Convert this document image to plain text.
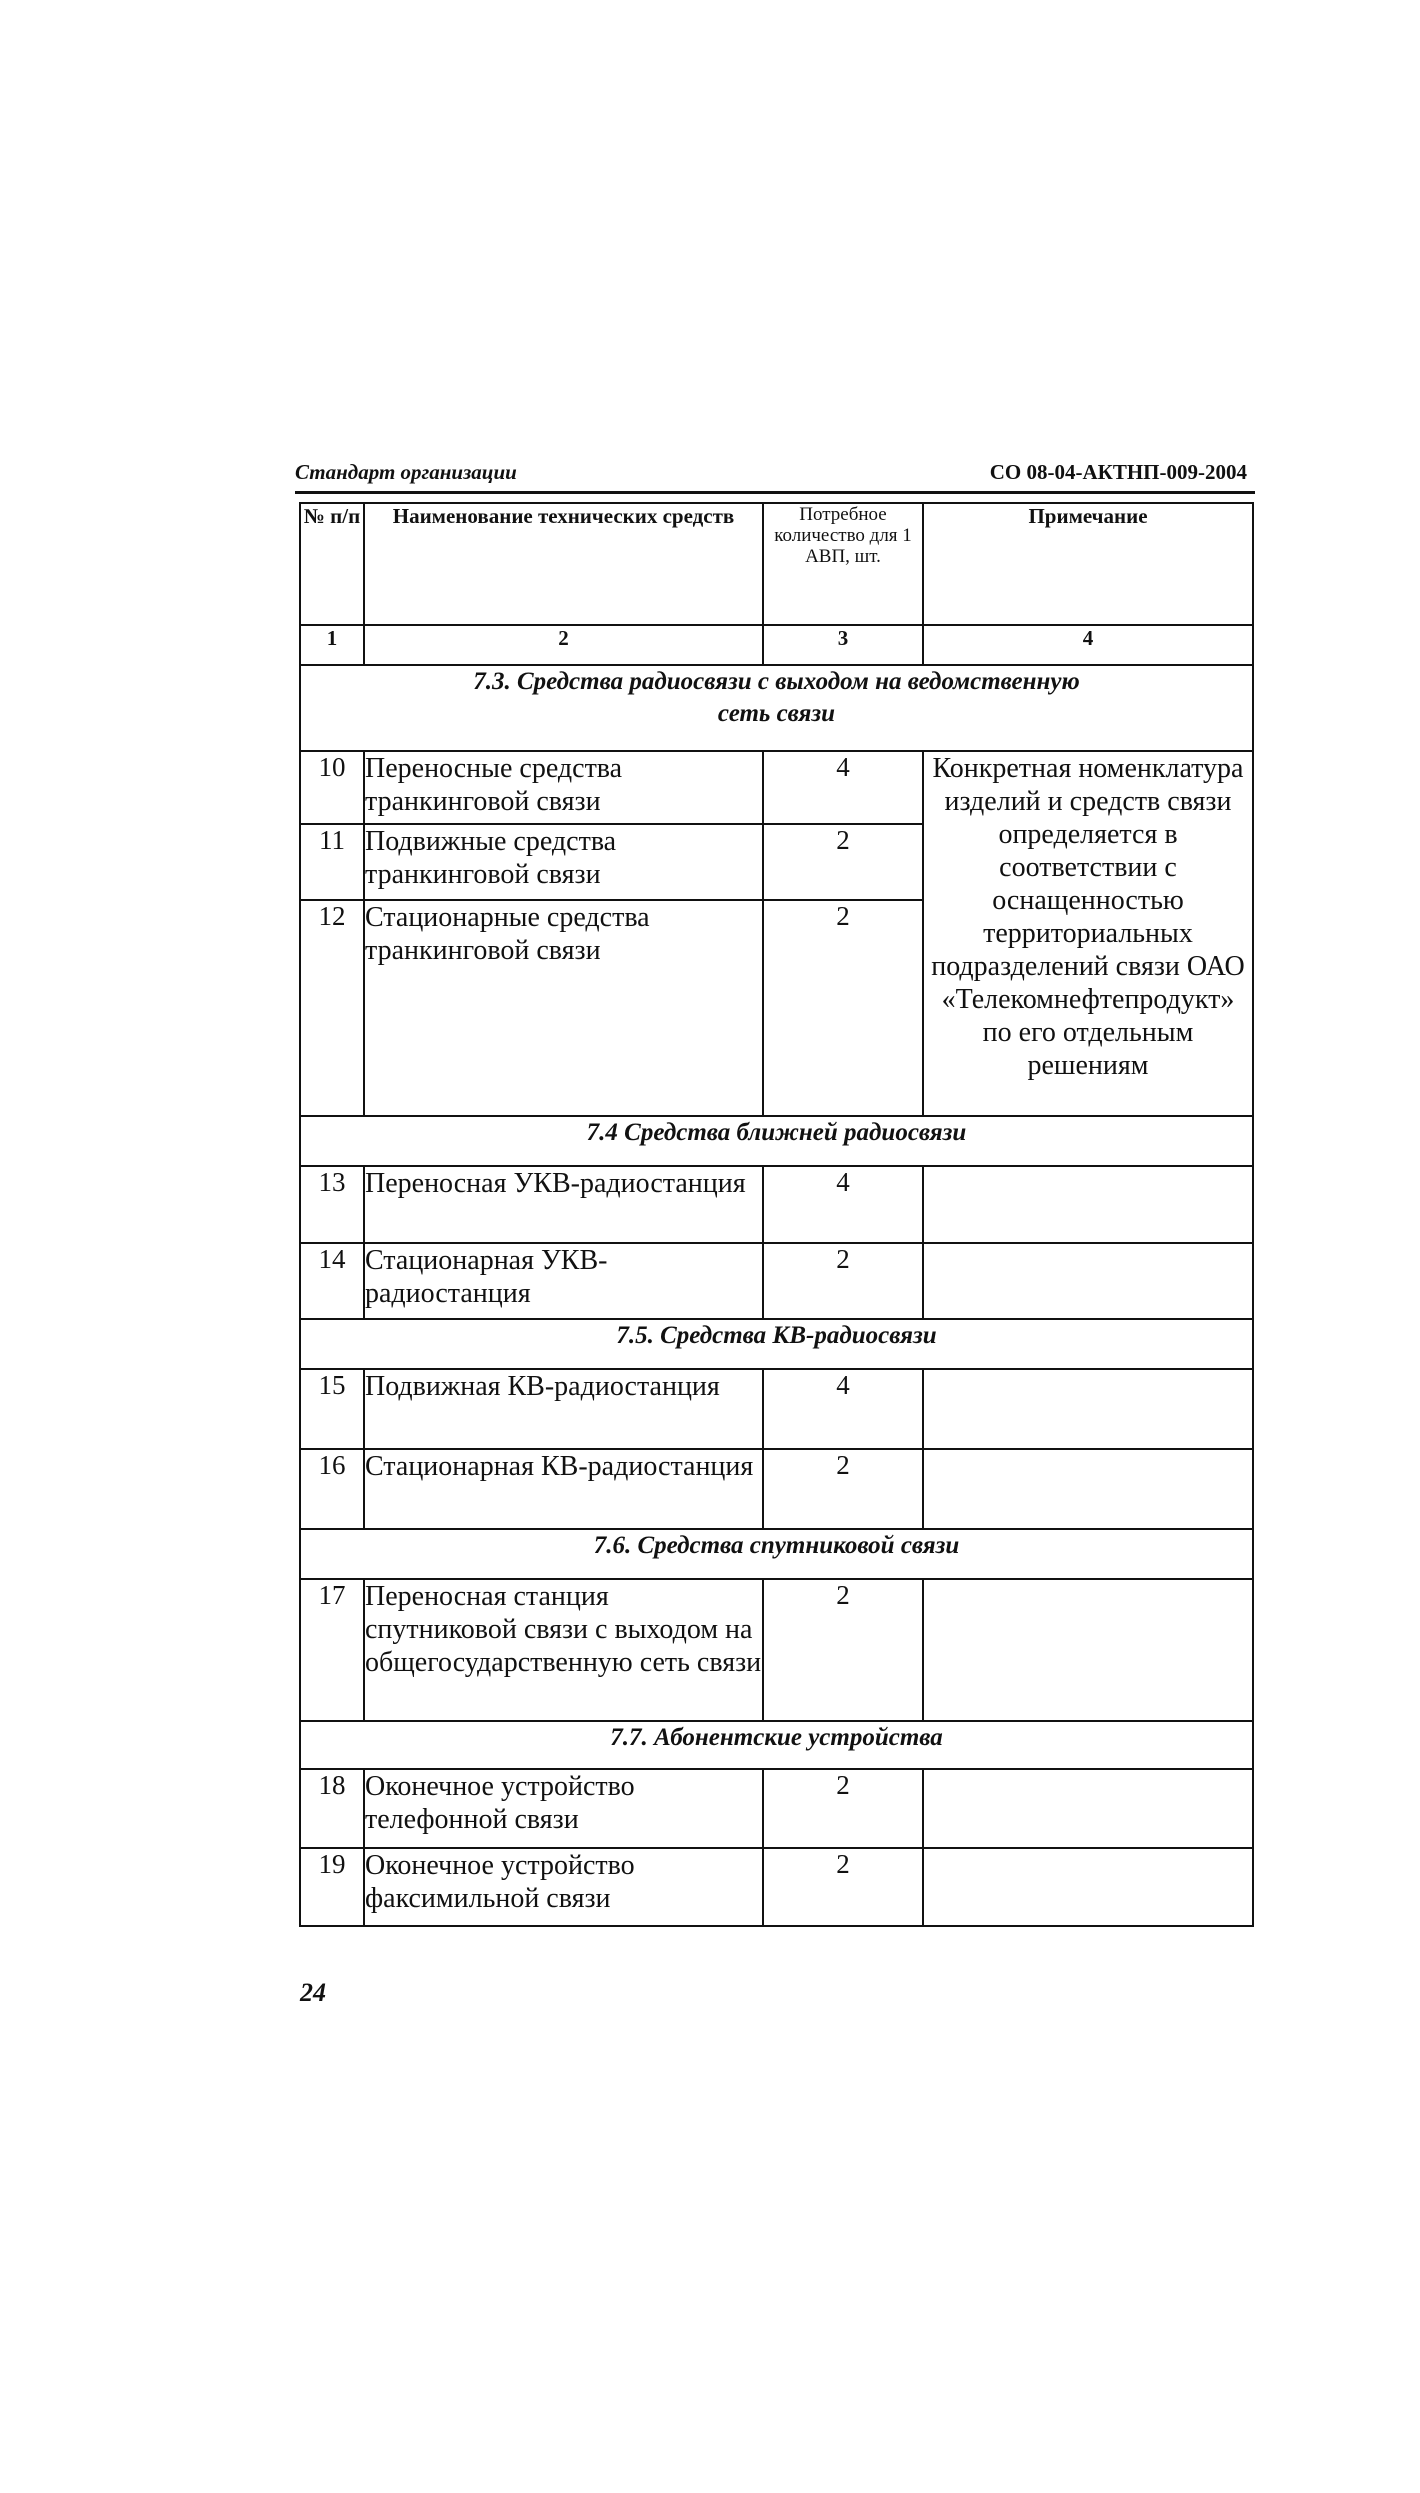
Стандарт организации	СО 08-04-АКТНП-009-2004
№ п/п	Наименование технических средств	Потребное количество для 1 АВП, шт.	Примечание
1	2	3	4
7.3. Средства радиосвязи с выходом на ведомственную сеть связи			
10	Переносные средства транкинговой связи	4	Конкретная номенклатура изделий и средств связи определяется в соответствии с оснащенностью территориальных подразделений связи ОАО «Телекомнефтепродукт» по его отдельным решениям
11	Подвижные средства транкинговой связи	2	
12	Стационарные средства транкинговой связи	2	
7.4 Средства ближней радиосвязи			
13	Переносная УКВ-радиостанция	4	
14	Стационарная УКВ-радиостанция	2	
7.5. Средства КВ-радиосвязи			
15	Подвижная КВ-радиостанция	4	
16	Стационарная КВ-радиостанция	2	
7.6. Средства спутниковой связи			
17	Переносная станция спутниковой связи с выходом на общегосударственную сеть связи	2	
7.7. Абонентские устройства			
18	Оконечное устройство телефонной связи	2	
19	Оконечное устройство факсимильной связи	2	
24
